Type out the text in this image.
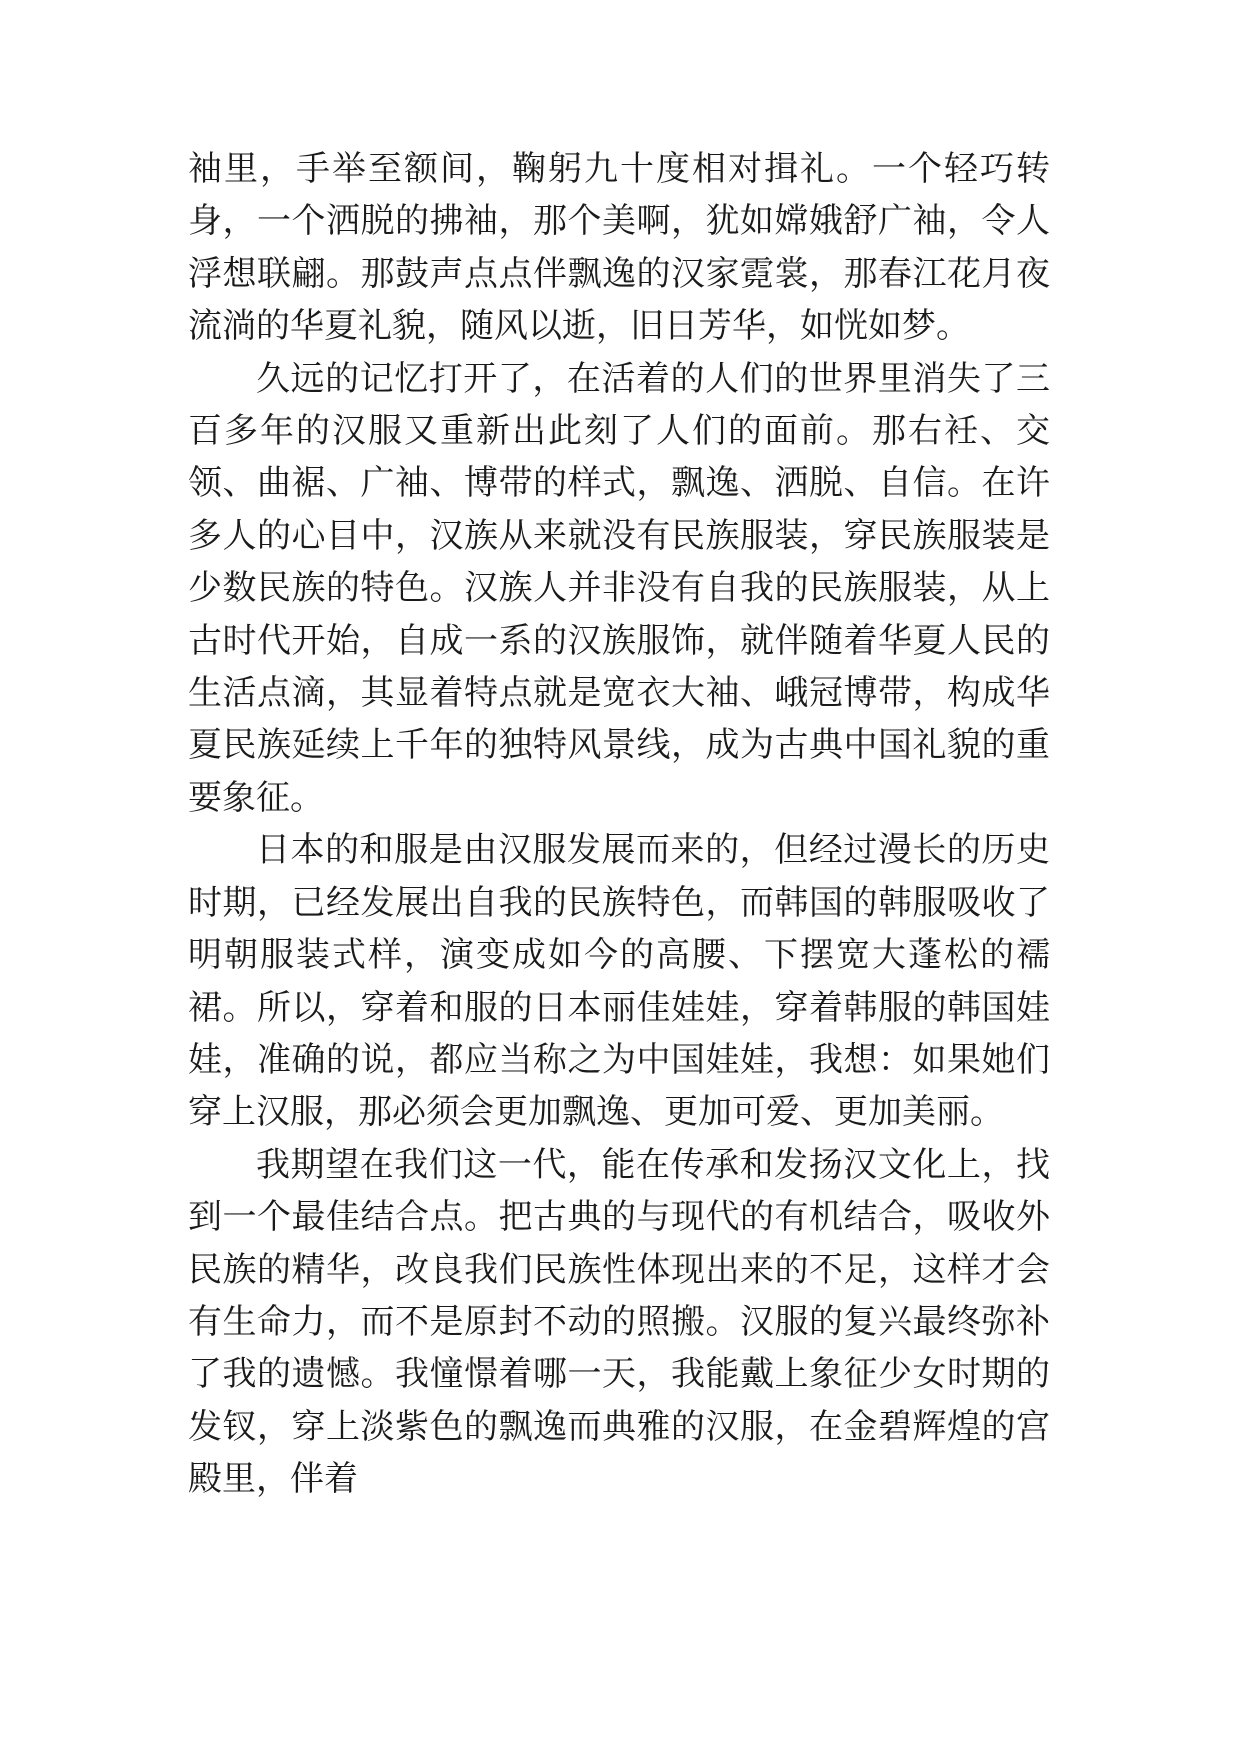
袖里，手举至额间，鞠躬九十度相对揖礼。一个轻巧转身，一个洒脱的拂袖，那个美啊，犹如嫦娥舒广袖，令人浮想联翩。那鼓声点点伴飘逸的汉家霓裳，那春江花月夜流淌的华夏礼貌，随风以逝，旧日芳华，如恍如梦。

久远的记忆打开了，在活着的人们的世界里消失了三百多年的汉服又重新出此刻了人们的面前。那右衽、交领、曲裾、广袖、博带的样式，飘逸、洒脱、自信。在许多人的心目中，汉族从来就没有民族服装，穿民族服装是少数民族的特色。汉族人并非没有自我的民族服装，从上古时代开始，自成一系的汉族服饰，就伴随着华夏人民的生活点滴，其显着特点就是宽衣大袖、峨冠博带，构成华夏民族延续上千年的独特风景线，成为古典中国礼貌的重要象征。

日本的和服是由汉服发展而来的，但经过漫长的历史时期，已经发展出自我的民族特色，而韩国的韩服吸收了明朝服装式样，演变成如今的高腰、下摆宽大蓬松的襦裙。所以，穿着和服的日本丽佳娃娃，穿着韩服的韩国娃娃，准确的说，都应当称之为中国娃娃，我想：如果她们穿上汉服，那必须会更加飘逸、更加可爱、更加美丽。

我期望在我们这一代，能在传承和发扬汉文化上，找到一个最佳结合点。把古典的与现代的有机结合，吸收外民族的精华，改良我们民族性体现出来的不足，这样才会有生命力，而不是原封不动的照搬。汉服的复兴最终弥补了我的遗憾。我憧憬着哪一天，我能戴上象征少女时期的发钗，穿上淡紫色的飘逸而典雅的汉服，在金碧辉煌的宫殿里，伴着
